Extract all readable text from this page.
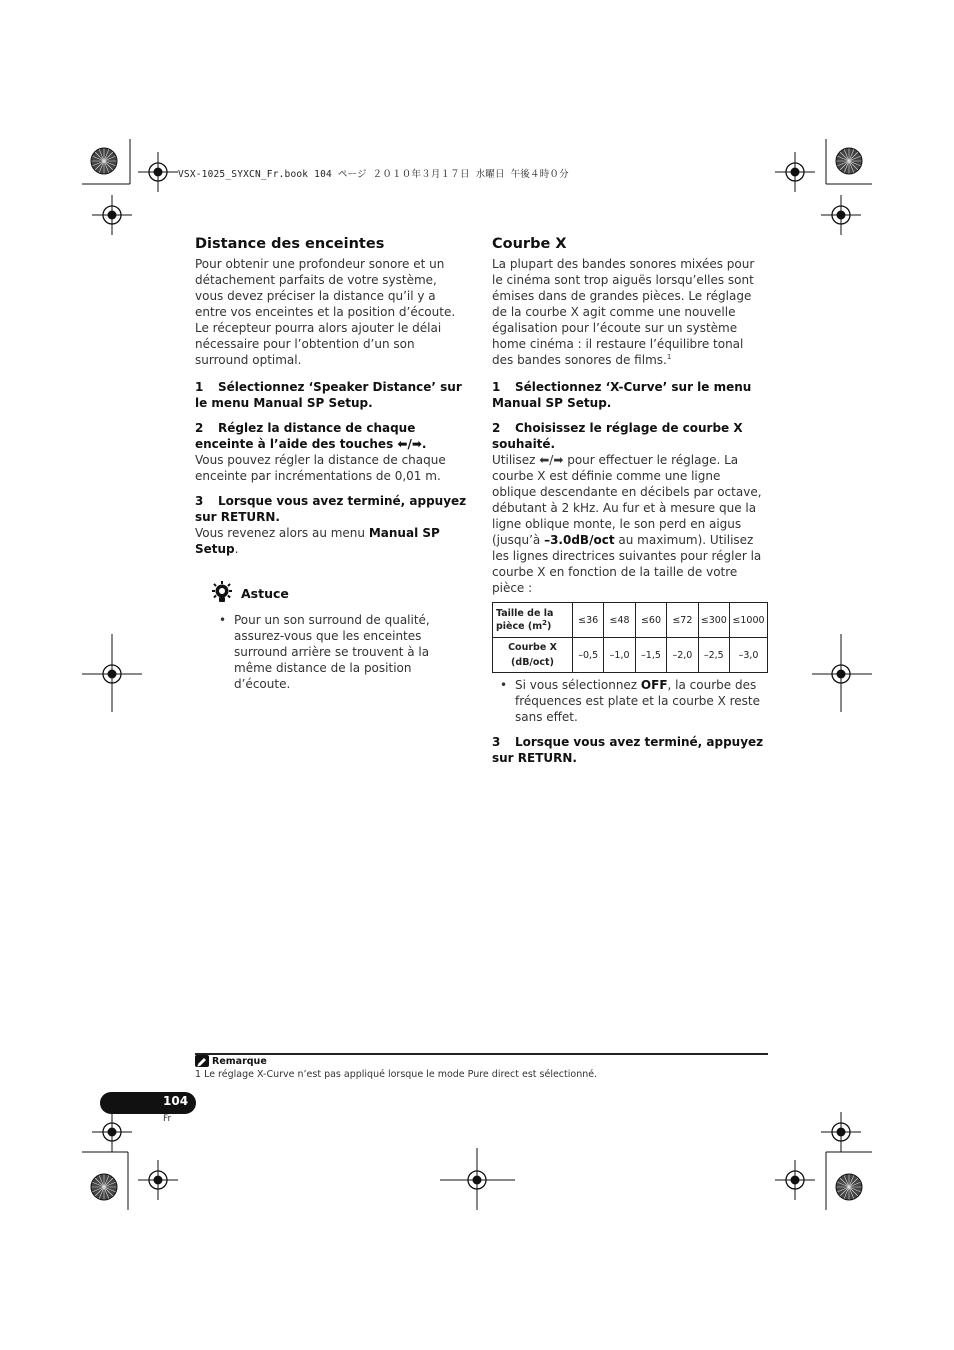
VSX-1025_SYXCN_Fr.book 104 ページ ２０１０年３月１７日 水曜日 午後４時０分
Distance des enceintes

Pour obtenir une profondeur sonore et un détachement parfaits de votre système, vous devez préciser la distance qu’il y a entre vos enceintes et la position d’écoute. Le récepteur pourra alors ajouter le délai nécessaire pour l’obtention d’un son surround optimal.

1 Sélectionnez ‘Speaker Distance’ sur le menu Manual SP Setup.

2 Réglez la distance de chaque enceinte à l’aide des touches ⬅/➡.

Vous pouvez régler la distance de chaque enceinte par incrémentations de 0,01 m.

3 Lorsque vous avez terminé, appuyez sur RETURN.

Vous revenez alors au menu Manual SP Setup.

Astuce
• Pour un son surround de qualité, assurez-vous que les enceintes surround arrière se trouvent à la même distance de la position d’écoute.
Courbe X

La plupart des bandes sonores mixées pour le cinéma sont trop aiguës lorsqu’elles sont émises dans de grandes pièces. Le réglage de la courbe X agit comme une nouvelle égalisation pour l’écoute sur un système home cinéma : il restaure l’équilibre tonal des bandes sonores de films.$^1$

1 Sélectionnez ‘X-Curve’ sur le menu Manual SP Setup.

2 Choisissez le réglage de courbe X souhaité.

Utilisez ⬅/➡ pour effectuer le réglage. La courbe X est définie comme une ligne oblique descendante en décibels par octave, débutant à 2 kHz. Au fur et à mesure que la ligne oblique monte, le son perd en aigus (jusqu’à –3.0dB/oct au maximum). Utilisez les lignes directrices suivantes pour régler la courbe X en fonction de la taille de votre pièce :

Taille de la pièce $(m^2)$	≤36	≤48	≤60	≤72	≤300	≤1000
Courbe X
(dB/oct)	–0,5	–1,0	–1,5	–2,0	–2,5	–3,0
• Si vous sélectionnez OFF, la courbe des fréquences est plate et la courbe X reste sans effet.

3 Lorsque vous avez terminé, appuyez sur RETURN.

Remarque
1 Le réglage X-Curve n’est pas appliqué lorsque le mode Pure direct est sélectionné.
104
Fr
